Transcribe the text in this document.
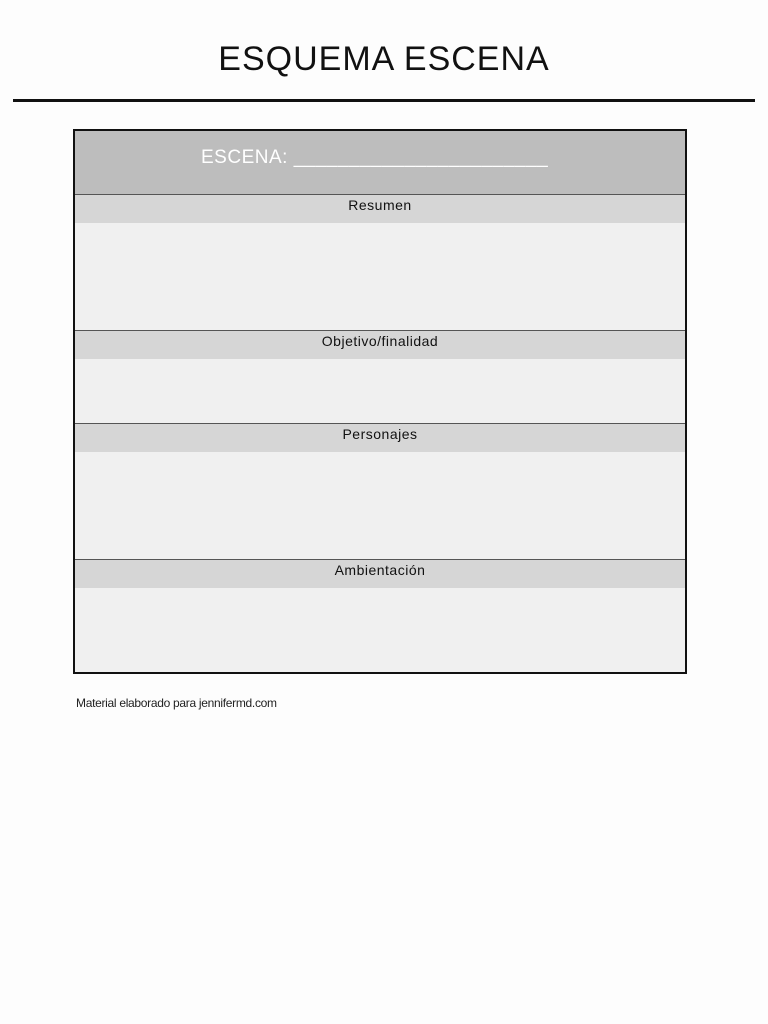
ESQUEMA ESCENA
ESCENA: _______________________
Resumen
Objetivo/finalidad
Personajes
Ambientación
Material elaborado para jennifermd.com
